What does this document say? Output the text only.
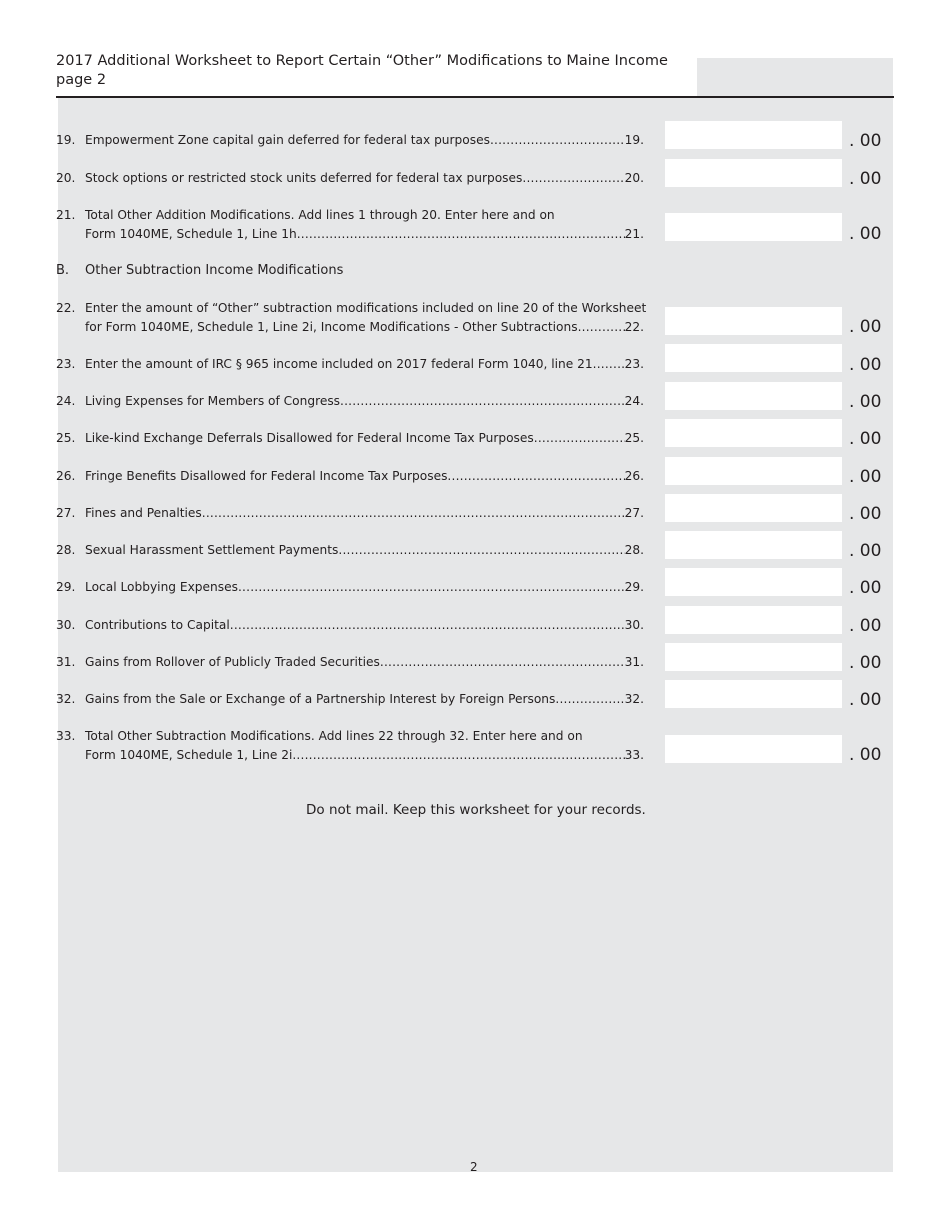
2017 Additional Worksheet to Report Certain “Other” Modifications to Maine Income
page 2
19. Empowerment Zone capital gain deferred for federal tax purposes .....	19.	. 00
20. Stock options or restricted stock units deferred for federal tax purposes .....	20.	. 00
21. Total Other Addition Modifications. Add lines 1 through 20. Enter here and on
Form 1040ME, Schedule 1, Line 1h .....	21.	. 00
B. Other Subtraction Income Modifications
22. Enter the amount of “Other” subtraction modifications included on line 20 of the Worksheet
for Form 1040ME, Schedule 1, Line 2i, Income Modifications - Other Subtractions .....	22.	. 00
23. Enter the amount of IRC § 965 income included on 2017 federal Form 1040, line 21 .....	23.	. 00
24. Living Expenses for Members of Congress .....	24.	. 00
25. Like-kind Exchange Deferrals Disallowed for Federal Income Tax Purposes .....	25.	. 00
26. Fringe Benefits Disallowed for Federal Income Tax Purposes .....	26.	. 00
27. Fines and Penalties .....	27.	. 00
28. Sexual Harassment Settlement Payments .....	28.	. 00
29. Local Lobbying Expenses .....	29.	. 00
30. Contributions to Capital .....	30.	. 00
31. Gains from Rollover of Publicly Traded Securities .....	31.	. 00
32. Gains from the Sale or Exchange of a Partnership Interest by Foreign Persons .....	32.	. 00
33. Total Other Subtraction Modifications. Add lines 22 through 32. Enter here and on
Form 1040ME, Schedule 1, Line 2i .....	33.	. 00
Do not mail. Keep this worksheet for your records.
2
